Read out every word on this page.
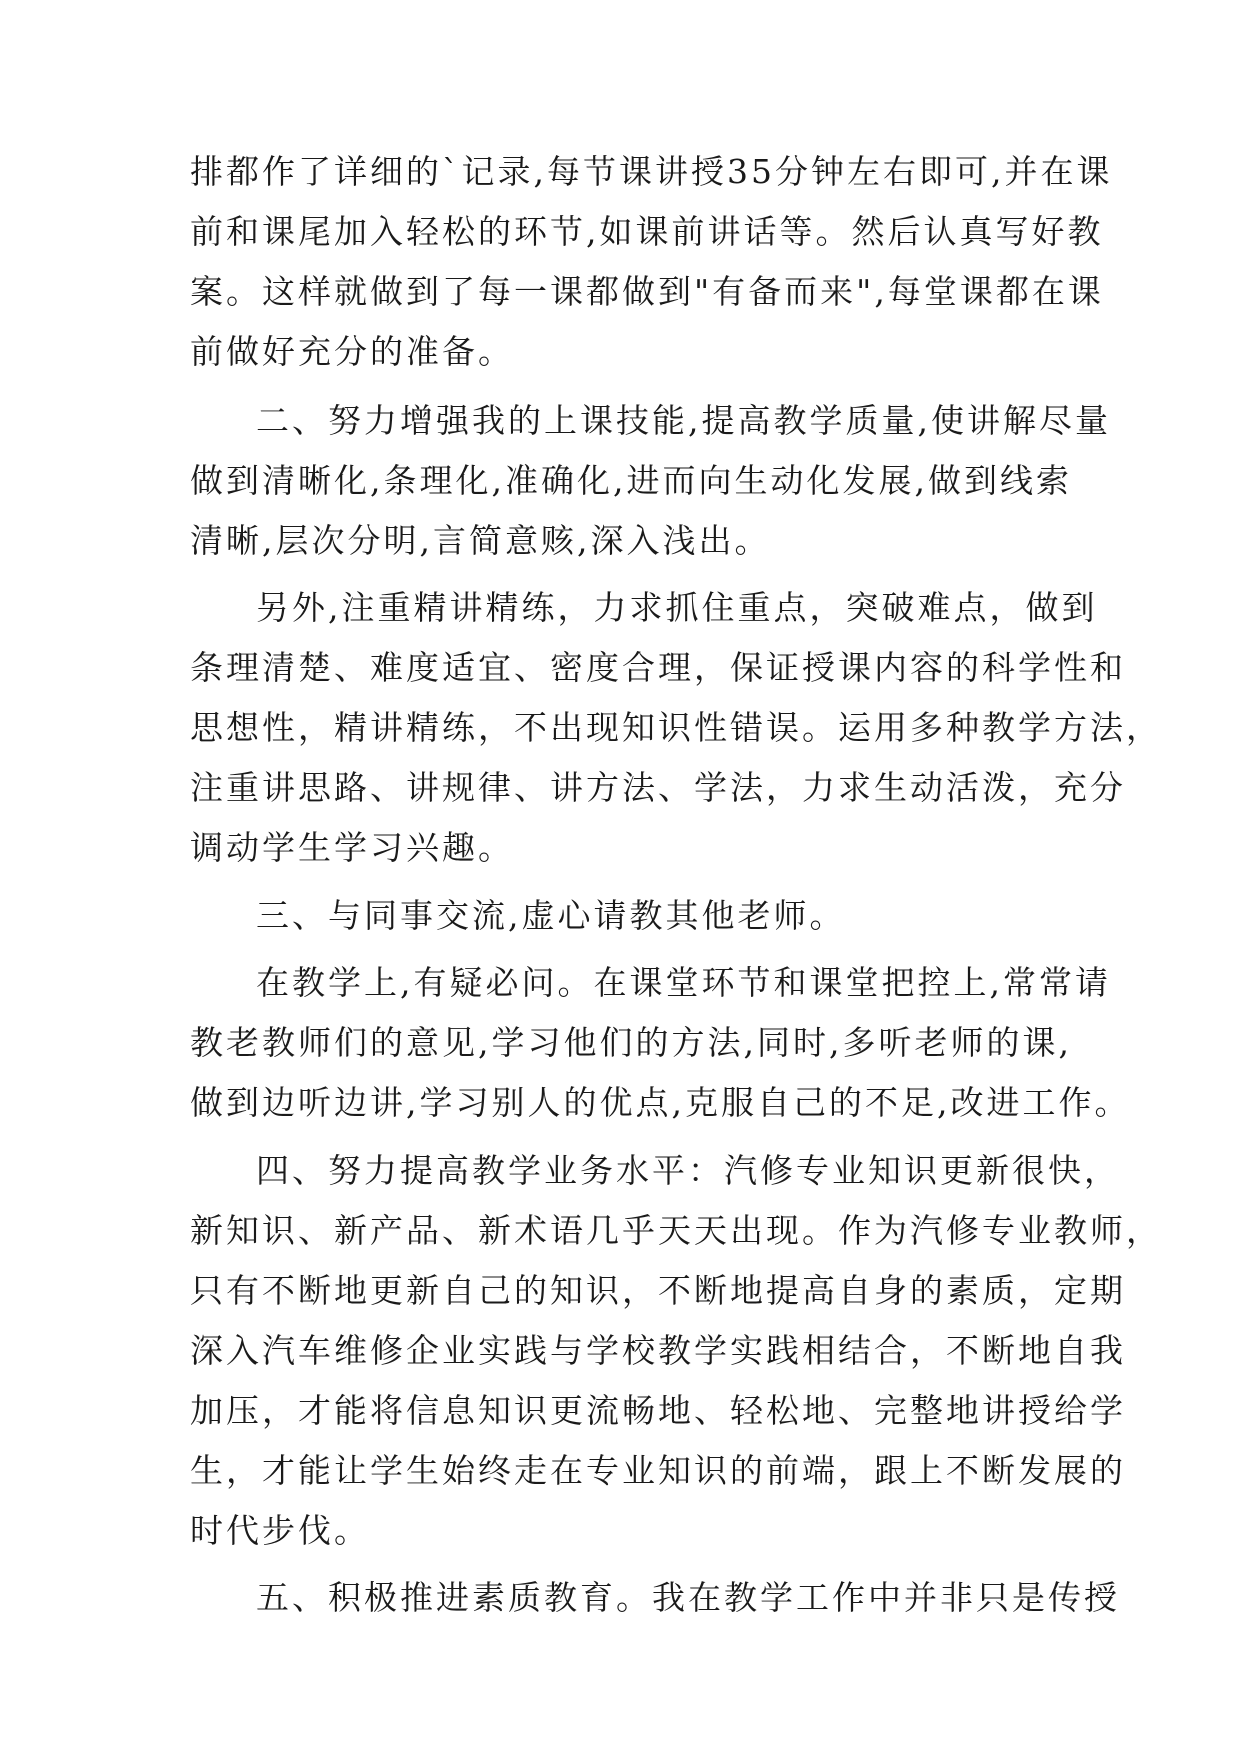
排都作了详细的`记录,每节课讲授35分钟左右即可,并在课
前和课尾加入轻松的环节,如课前讲话等。然后认真写好教
案。这样就做到了每一课都做到"有备而来",每堂课都在课
前做好充分的准备。
二、努力增强我的上课技能,提高教学质量,使讲解尽量
做到清晰化,条理化,准确化,进而向生动化发展,做到线索
清晰,层次分明,言简意赅,深入浅出。
另外,注重精讲精练，力求抓住重点，突破难点，做到
条理清楚、难度适宜、密度合理，保证授课内容的科学性和
思想性，精讲精练，不出现知识性错误。运用多种教学方法，
注重讲思路、讲规律、讲方法、学法，力求生动活泼，充分
调动学生学习兴趣。
三、与同事交流,虚心请教其他老师。
在教学上,有疑必问。在课堂环节和课堂把控上,常常请
教老教师们的意见,学习他们的方法,同时,多听老师的课,
做到边听边讲,学习别人的优点,克服自己的不足,改进工作。
四、努力提高教学业务水平：汽修专业知识更新很快，
新知识、新产品、新术语几乎天天出现。作为汽修专业教师，
只有不断地更新自己的知识，不断地提高自身的素质，定期
深入汽车维修企业实践与学校教学实践相结合，不断地自我
加压，才能将信息知识更流畅地、轻松地、完整地讲授给学
生，才能让学生始终走在专业知识的前端，跟上不断发展的
时代步伐。
五、积极推进素质教育。我在教学工作中并非只是传授
